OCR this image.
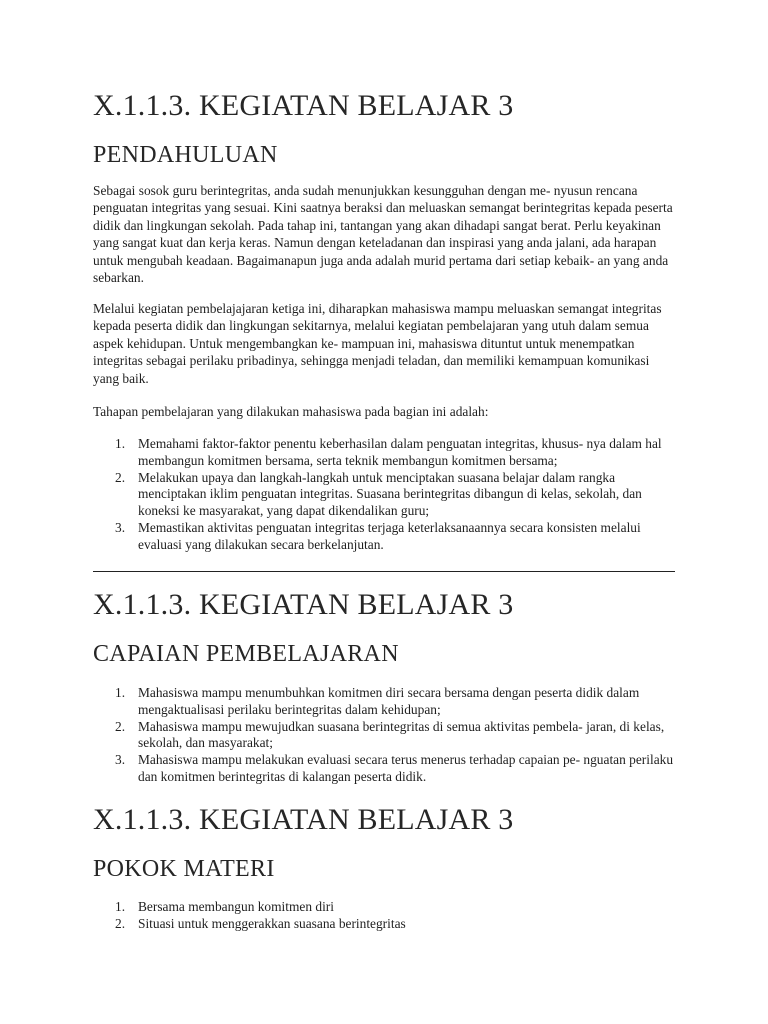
X.1.1.3. KEGIATAN BELAJAR 3
PENDAHULUAN

Sebagai sosok guru berintegritas, anda sudah menunjukkan kesungguhan dengan me- nyusun rencana penguatan integritas yang sesuai. Kini saatnya beraksi dan meluaskan semangat berintegritas kepada peserta didik dan lingkungan sekolah. Pada tahap ini, tantangan yang akan dihadapi sangat berat. Perlu keyakinan yang sangat kuat dan kerja keras. Namun dengan keteladanan dan inspirasi yang anda jalani, ada harapan untuk mengubah keadaan. Bagaimanapun juga anda adalah murid pertama dari setiap kebaik- an yang anda sebarkan.

Melalui kegiatan pembelajajaran ketiga ini, diharapkan mahasiswa mampu meluaskan semangat integritas kepada peserta didik dan lingkungan sekitarnya, melalui kegiatan pembelajaran yang utuh dalam semua aspek kehidupan. Untuk mengembangkan ke- mampuan ini, mahasiswa dituntut untuk menempatkan integritas sebagai perilaku pribadinya, sehingga menjadi teladan, dan memiliki kemampuan komunikasi yang baik.

Tahapan pembelajaran yang dilakukan mahasiswa pada bagian ini adalah:

1. Memahami faktor-faktor penentu keberhasilan dalam penguatan integritas, khusus- nya dalam hal membangun komitmen bersama, serta teknik membangun komitmen bersama;
2. Melakukan upaya dan langkah-langkah untuk menciptakan suasana belajar dalam rangka menciptakan iklim penguatan integritas. Suasana berintegritas dibangun di kelas, sekolah, dan koneksi ke masyarakat, yang dapat dikendalikan guru;
3. Memastikan aktivitas penguatan integritas terjaga keterlaksanaannya secara konsisten melalui evaluasi yang dilakukan secara berkelanjutan.
X.1.1.3. KEGIATAN BELAJAR 3
CAPAIAN PEMBELAJARAN
1. Mahasiswa mampu menumbuhkan komitmen diri secara bersama dengan peserta didik dalam mengaktualisasi perilaku berintegritas dalam kehidupan;
2. Mahasiswa mampu mewujudkan suasana berintegritas di semua aktivitas pembela- jaran, di kelas, sekolah, dan masyarakat;
3. Mahasiswa mampu melakukan evaluasi secara terus menerus terhadap capaian pe- nguatan perilaku dan komitmen berintegritas di kalangan peserta didik.
X.1.1.3. KEGIATAN BELAJAR 3
POKOK MATERI
1. Bersama membangun komitmen diri
2. Situasi untuk menggerakkan suasana berintegritas
